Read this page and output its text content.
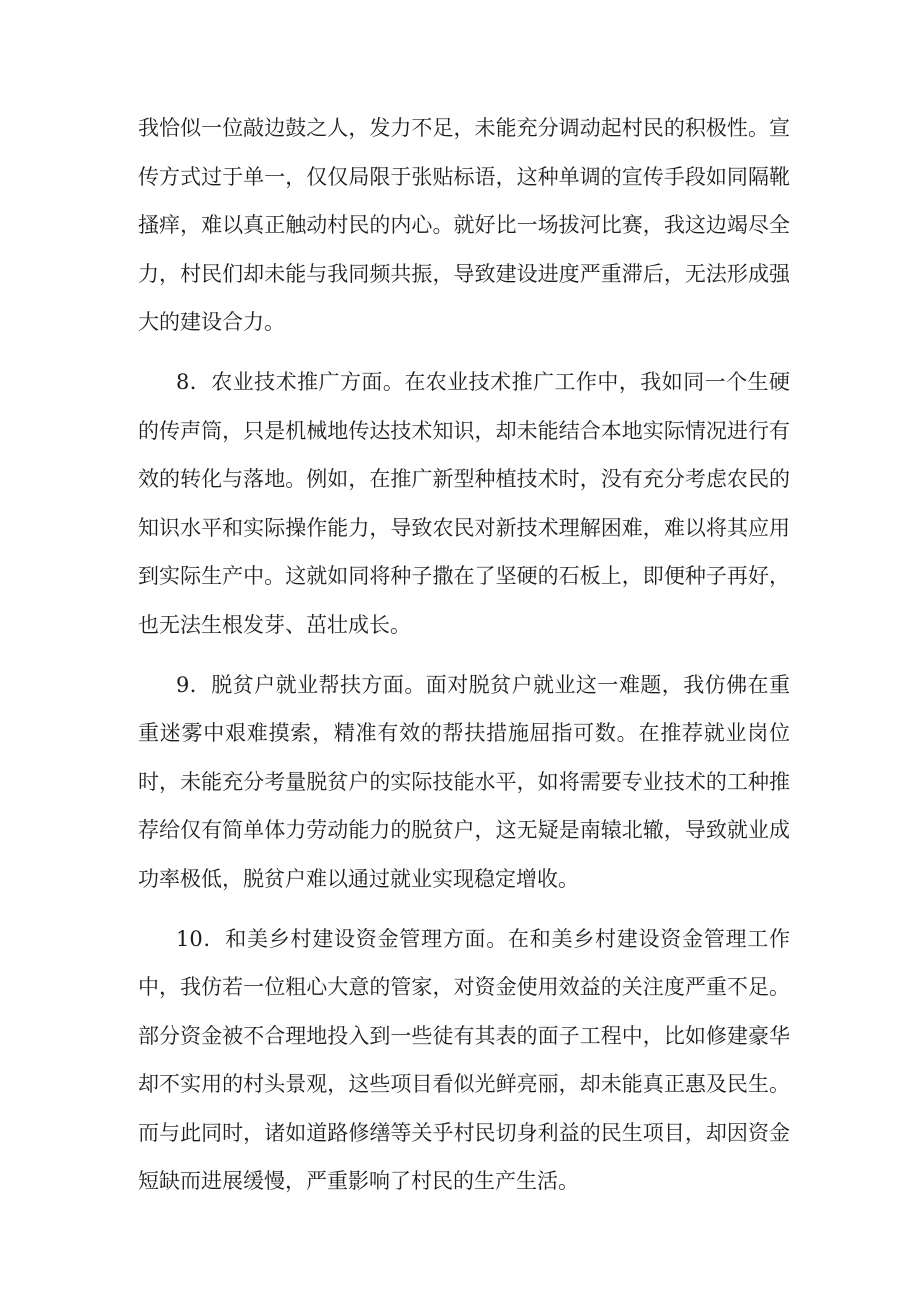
我恰似一位敲边鼓之人，发力不足，未能充分调动起村民的积极性。宣传方式过于单一，仅仅局限于张贴标语，这种单调的宣传手段如同隔靴搔痒，难以真正触动村民的内心。就好比一场拔河比赛，我这边竭尽全力，村民们却未能与我同频共振，导致建设进度严重滞后，无法形成强大的建设合力。

8．农业技术推广方面。在农业技术推广工作中，我如同一个生硬的传声筒，只是机械地传达技术知识，却未能结合本地实际情况进行有效的转化与落地。例如，在推广新型种植技术时，没有充分考虑农民的知识水平和实际操作能力，导致农民对新技术理解困难，难以将其应用到实际生产中。这就如同将种子撒在了坚硬的石板上，即便种子再好，也无法生根发芽、茁壮成长。

9．脱贫户就业帮扶方面。面对脱贫户就业这一难题，我仿佛在重重迷雾中艰难摸索，精准有效的帮扶措施屈指可数。在推荐就业岗位时，未能充分考量脱贫户的实际技能水平，如将需要专业技术的工种推荐给仅有简单体力劳动能力的脱贫户，这无疑是南辕北辙，导致就业成功率极低，脱贫户难以通过就业实现稳定增收。

10．和美乡村建设资金管理方面。在和美乡村建设资金管理工作中，我仿若一位粗心大意的管家，对资金使用效益的关注度严重不足。部分资金被不合理地投入到一些徒有其表的面子工程中，比如修建豪华却不实用的村头景观，这些项目看似光鲜亮丽，却未能真正惠及民生。而与此同时，诸如道路修缮等关乎村民切身利益的民生项目，却因资金短缺而进展缓慢，严重影响了村民的生产生活。
